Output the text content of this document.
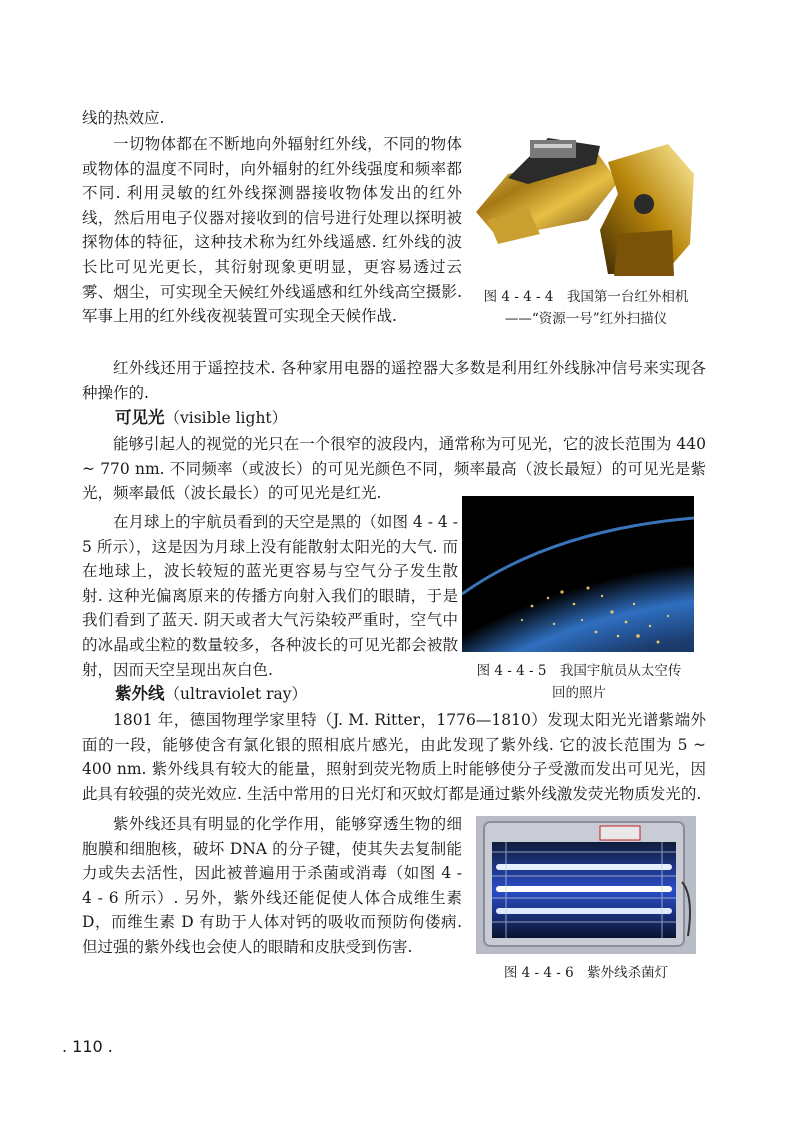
线的热效应.

一切物体都在不断地向外辐射红外线，不同的物体或物体的温度不同时，向外辐射的红外线强度和频率都不同. 利用灵敏的红外线探测器接收物体发出的红外线，然后用电子仪器对接收到的信号进行处理以探明被探物体的特征，这种技术称为红外线遥感. 红外线的波长比可见光更长，其衍射现象更明显，更容易透过云雾、烟尘，可实现全天候红外线遥感和红外线高空摄影. 军事上用的红外线夜视装置可实现全天候作战.

图 4 - 4 - 4　我国第一台红外相机——“资源一号”红外扫描仪

红外线还用于遥控技术. 各种家用电器的遥控器大多数是利用红外线脉冲信号来实现各种操作的.

可见光（visible light）

能够引起人的视觉的光只在一个很窄的波段内，通常称为可见光，它的波长范围为 440 ~ 770 nm. 不同频率（或波长）的可见光颜色不同，频率最高（波长最短）的可见光是紫光，频率最低（波长最长）的可见光是红光.

在月球上的宇航员看到的天空是黑的（如图 4 - 4 - 5 所示），这是因为月球上没有能散射太阳光的大气. 而在地球上，波长较短的蓝光更容易与空气分子发生散射. 这种光偏离原来的传播方向射入我们的眼睛，于是我们看到了蓝天. 阴天或者大气污染较严重时，空气中的冰晶或尘粒的数量较多，各种波长的可见光都会被散射，因而天空呈现出灰白色.	图 4 - 4 - 5　我国宇航员从太空传回的照片

紫外线（ultraviolet ray）

1801 年，德国物理学家里特（J. M. Ritter，1776—1810）发现太阳光光谱紫端外面的一段，能够使含有氯化银的照相底片感光，由此发现了紫外线. 它的波长范围为 5 ~ 400 nm. 紫外线具有较大的能量，照射到荧光物质上时能够使分子受激而发出可见光，因此具有较强的荧光效应. 生活中常用的日光灯和灭蚊灯都是通过紫外线激发荧光物质发光的.

紫外线还具有明显的化学作用，能够穿透生物的细胞膜和细胞核，破坏 DNA 的分子键，使其失去复制能力或失去活性，因此被普遍用于杀菌或消毒（如图 4 - 4 - 6 所示）. 另外，紫外线还能促使人体合成维生素 D，而维生素 D 有助于人体对钙的吸收而预防佝偻病. 但过强的紫外线也会使人的眼睛和皮肤受到伤害.

图 4 - 4 - 6　紫外线杀菌灯

. 110 .
